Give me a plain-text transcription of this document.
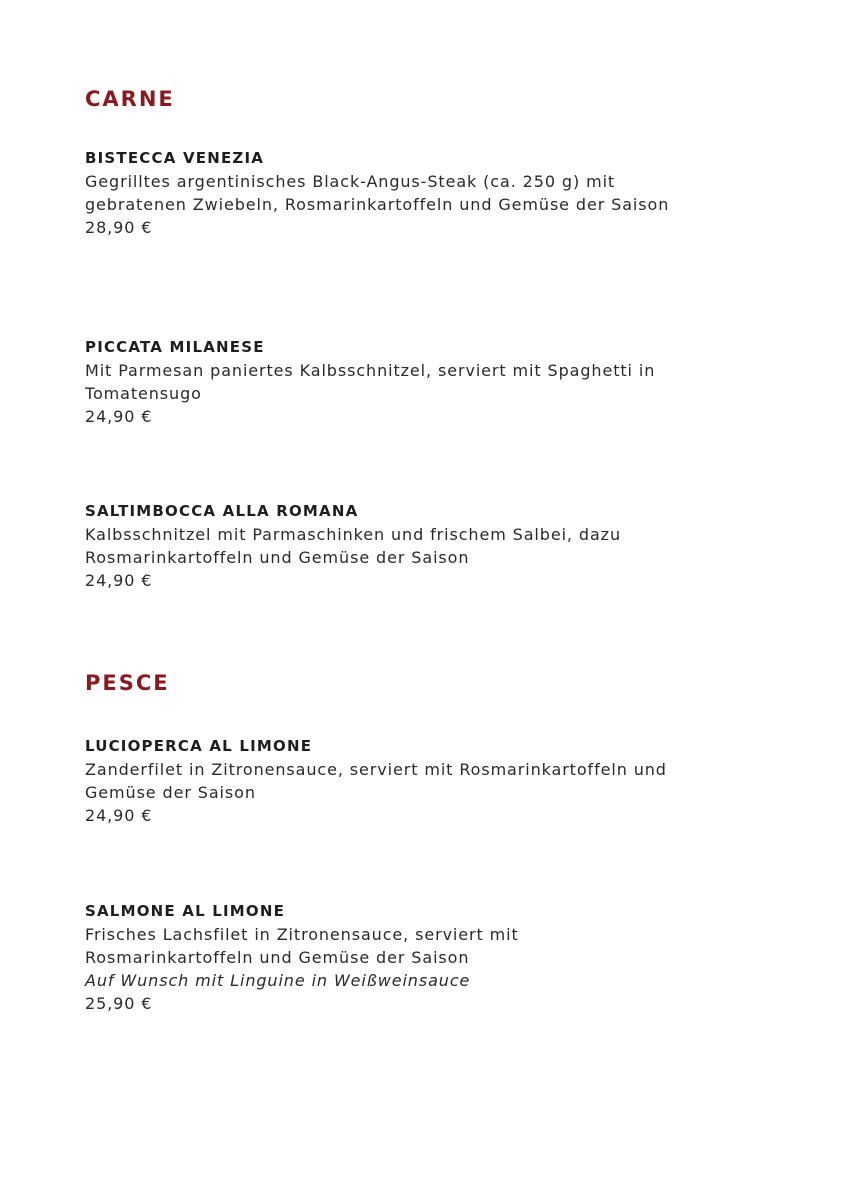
CARNE
BISTECCA VENEZIA
Gegrilltes argentinisches Black-Angus-Steak (ca. 250 g) mit gebratenen Zwiebeln, Rosmarinkartoffeln und Gemüse der Saison
28,90 €
PICCATA MILANESE
Mit Parmesan paniertes Kalbsschnitzel, serviert mit Spaghetti in Tomatensugo
24,90 €
SALTIMBOCCA ALLA ROMANA
Kalbsschnitzel mit Parmaschinken und frischem Salbei, dazu Rosmarinkartoffeln und Gemüse der Saison
24,90 €
PESCE
LUCIOPERCA AL LIMONE
Zanderfilet in Zitronensauce, serviert mit Rosmarinkartoffeln und Gemüse der Saison
24,90 €
SALMONE AL LIMONE
Frisches Lachsfilet in Zitronensauce, serviert mit Rosmarinkartoffeln und Gemüse der Saison
Auf Wunsch mit Linguine in Weißweinsauce
25,90 €
